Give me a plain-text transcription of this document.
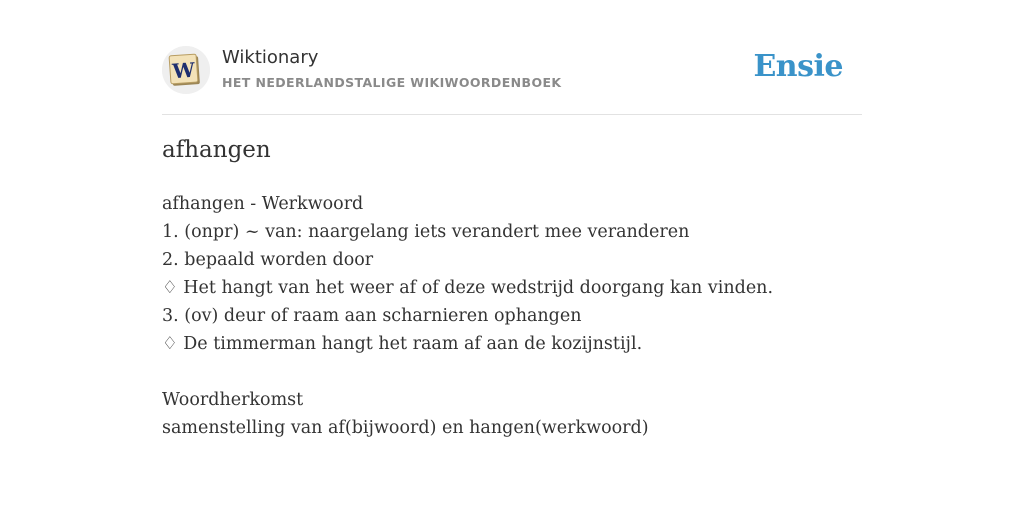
W
Wiktionary
HET NEDERLANDSTALIGE WIKIWOORDENBOEK	Ensie
afhangen
afhangen - Werkwoord
1. (onpr) ~ van: naargelang iets verandert mee veranderen
2. bepaald worden door
♢ Het hangt van het weer af of deze wedstrijd doorgang kan vinden.
3. (ov) deur of raam aan scharnieren ophangen
♢ De timmerman hangt het raam af aan de kozijnstijl.
Woordherkomst
samenstelling van af(bijwoord) en hangen(werkwoord)
